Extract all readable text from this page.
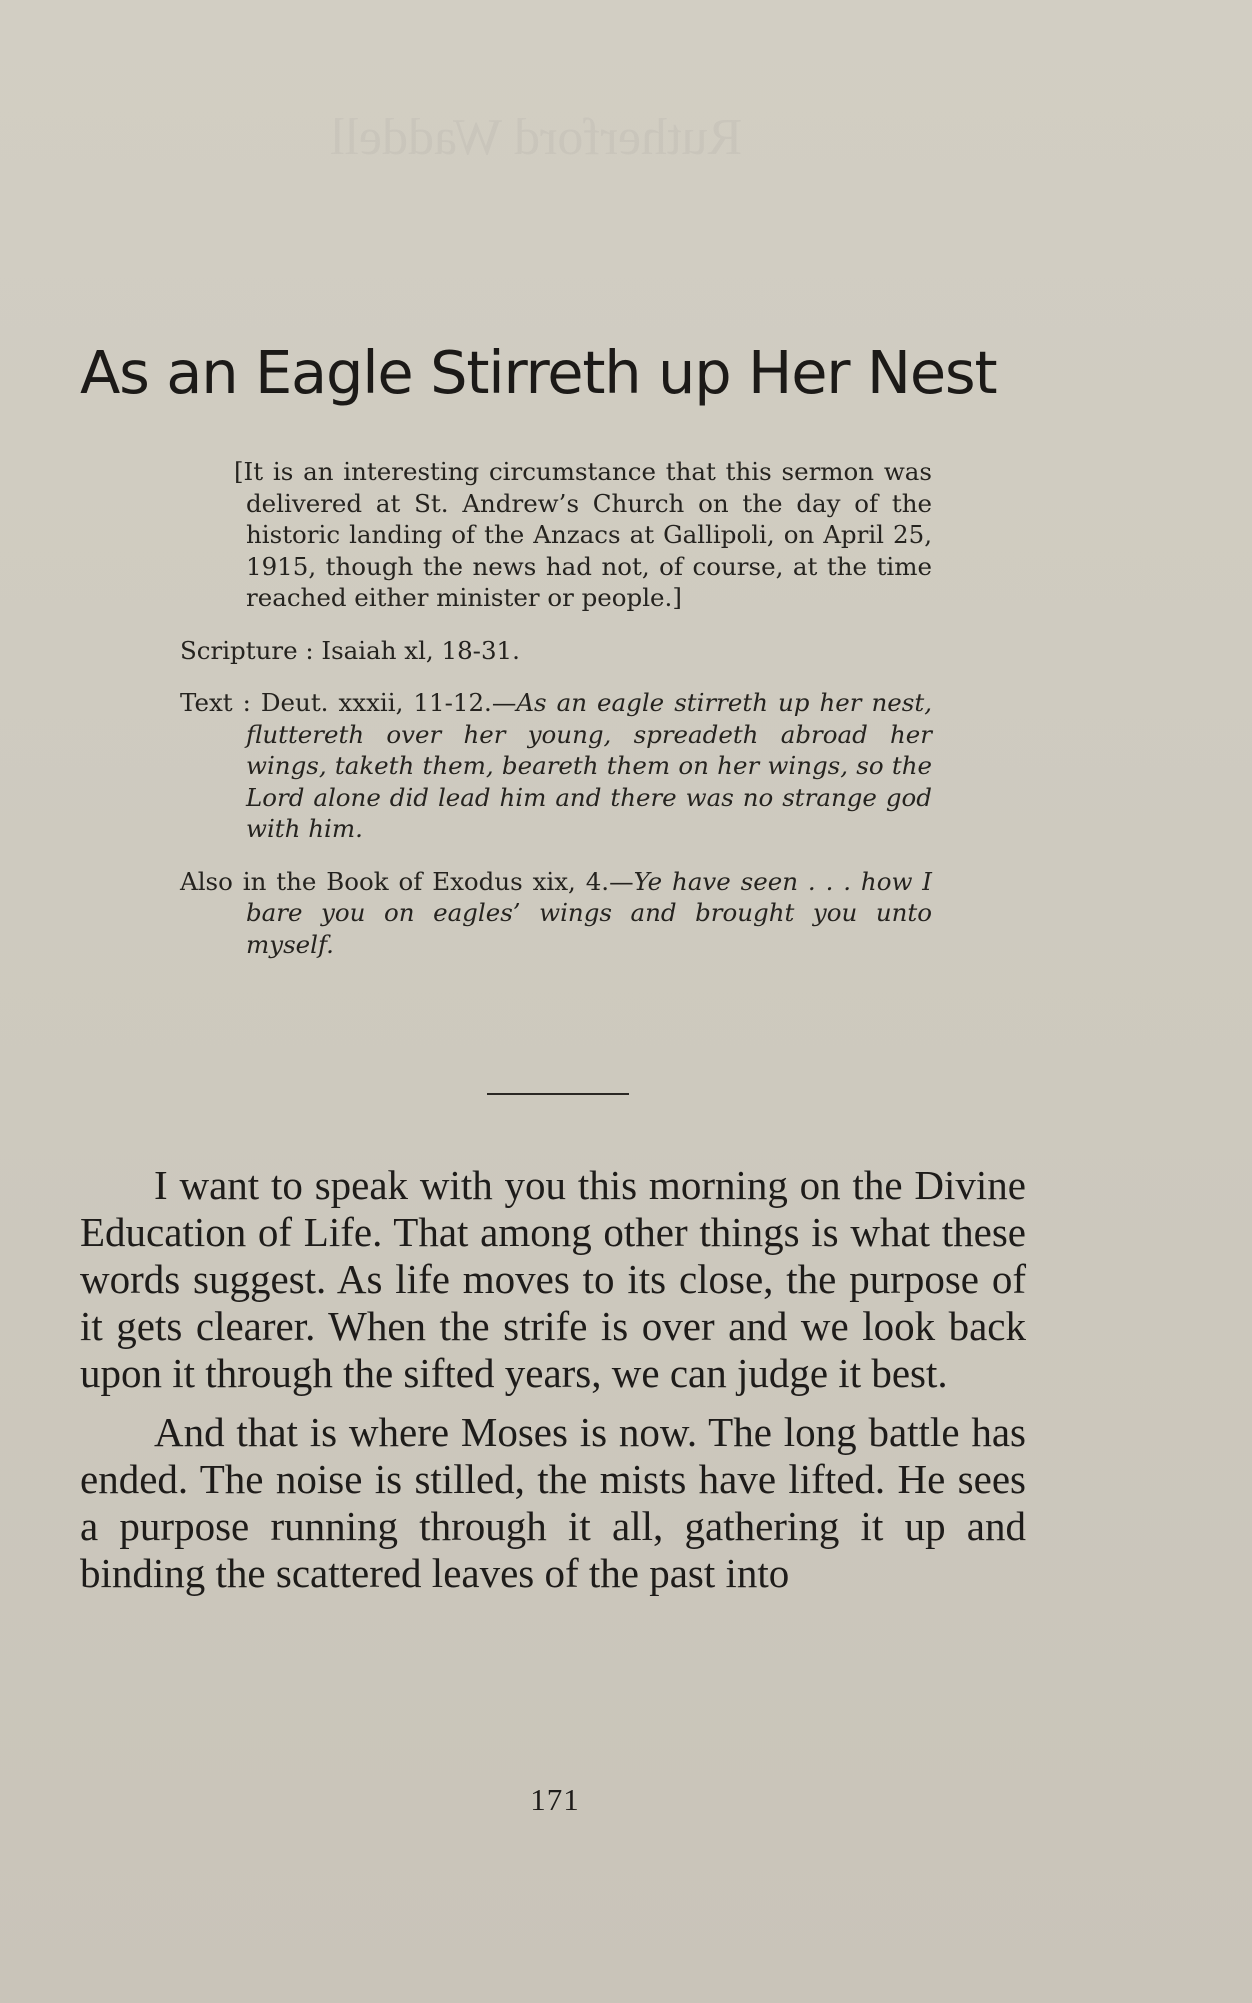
Rutherford Waddell
As an Eagle Stirreth up Her Nest

[It is an interesting circumstance that this sermon was delivered at St. Andrew’s Church on the day of the historic landing of the Anzacs at Gallipoli, on April 25, 1915, though the news had not, of course, at the time reached either minister or people.]

Scripture : Isaiah xl, 18-31.

Text : Deut. xxxii, 11-12.—As an eagle stirreth up her nest, fluttereth over her young, spreadeth abroad her wings, taketh them, beareth them on her wings, so the Lord alone did lead him and there was no strange god with him.

Also in the Book of Exodus xix, 4.—Ye have seen . . . how I bare you on eagles’ wings and brought you unto myself.

I want to speak with you this morning on the Divine Education of Life. That among other things is what these words suggest. As life moves to its close, the purpose of it gets clearer. When the strife is over and we look back upon it through the sifted years, we can judge it best.

And that is where Moses is now. The long battle has ended. The noise is stilled, the mists have lifted. He sees a purpose running through it all, gathering it up and binding the scattered leaves of the past into

171
